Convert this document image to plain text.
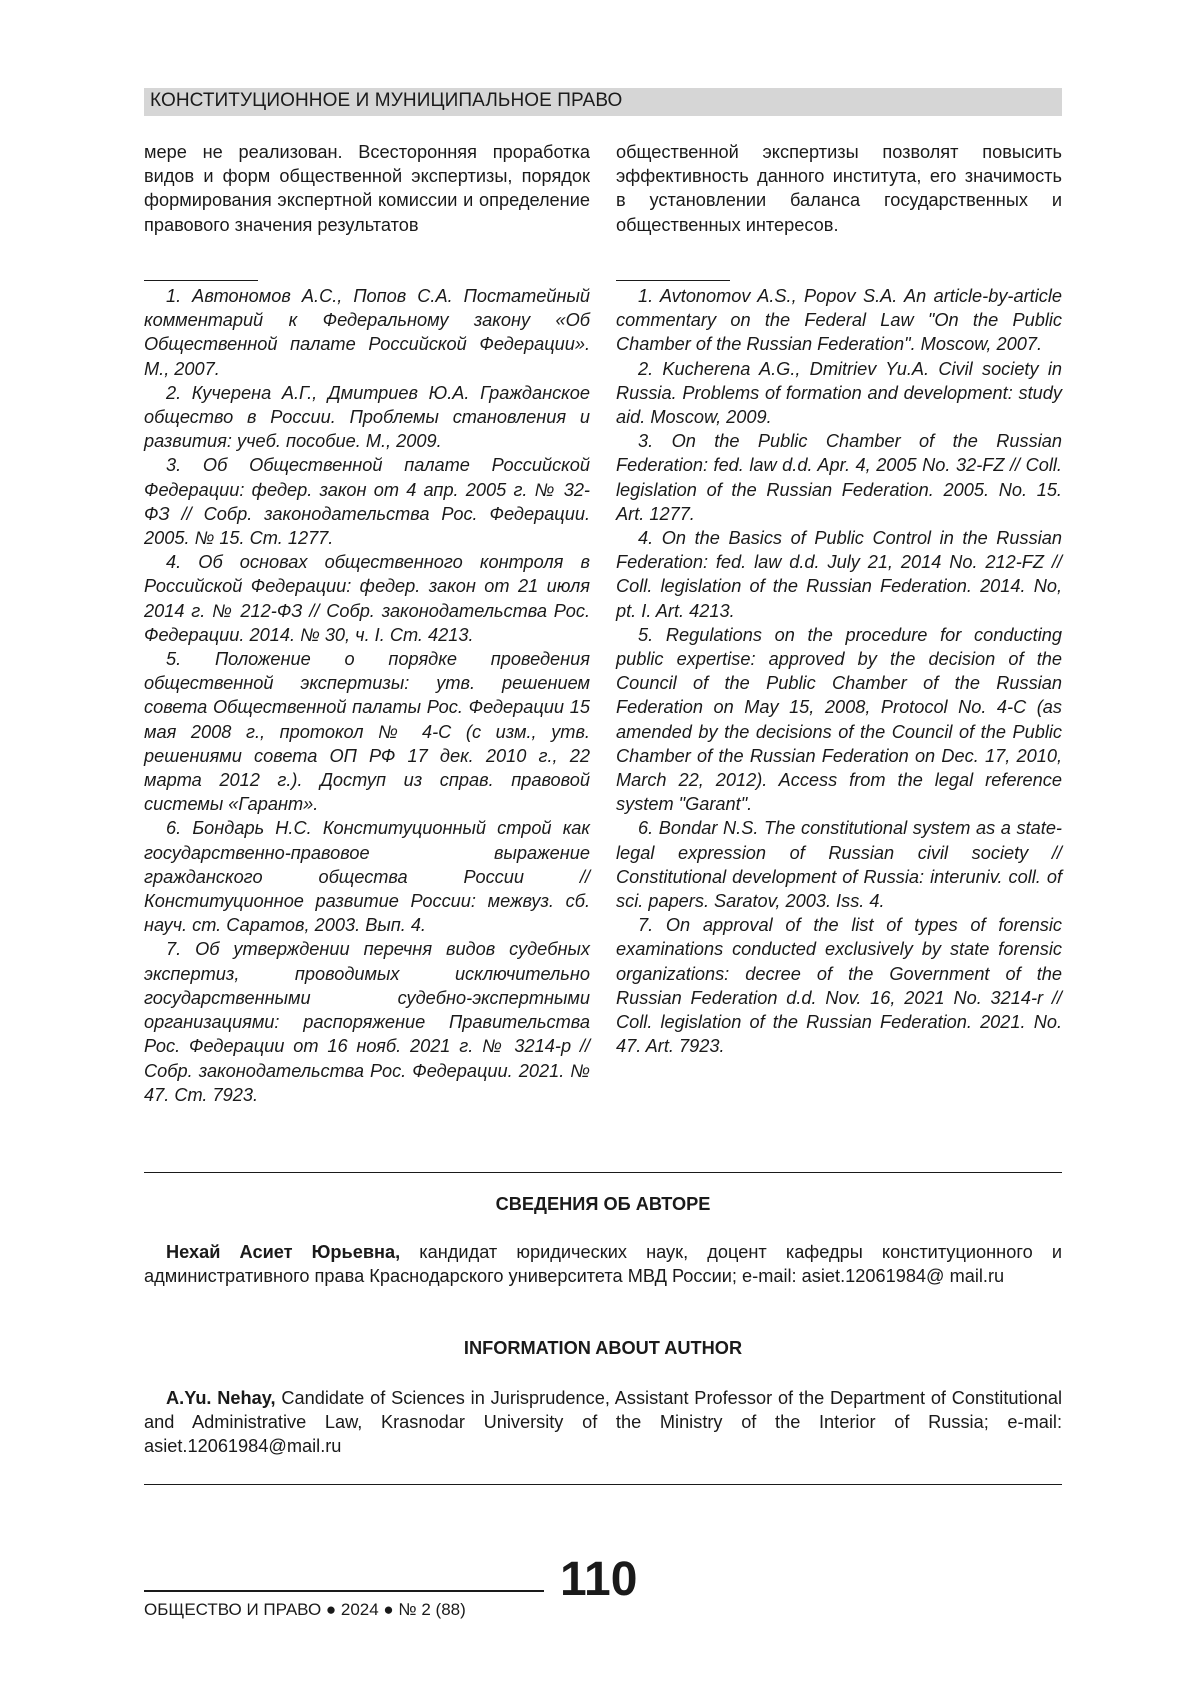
КОНСТИТУЦИОННОЕ И МУНИЦИПАЛЬНОЕ ПРАВО

мере не реализован. Всесторонняя проработка видов и форм общественной экспертизы, порядок формирования экспертной комиссии и определение правового значения результатов

общественной экспертизы позволят повысить эффективность данного института, его значимость в установлении баланса государственных и общественных интересов.

1. Автономов А.С., Попов С.А. Постатейный комментарий к Федеральному закону «Об Общественной палате Российской Федерации». М., 2007.

2. Кучерена А.Г., Дмитриев Ю.А. Гражданское общество в России. Проблемы становления и развития: учеб. пособие. М., 2009.

3. Об Общественной палате Российской Федерации: федер. закон от 4 апр. 2005 г. № 32-ФЗ // Собр. законодательства Рос. Федерации. 2005. № 15. Ст. 1277.

4. Об основах общественного контроля в Российской Федерации: федер. закон от 21 июля 2014 г. № 212-ФЗ // Собр. законодательства Рос. Федерации. 2014. № 30, ч. I. Ст. 4213.

5. Положение о порядке проведения общественной экспертизы: утв. решением совета Общественной палаты Рос. Федерации 15 мая 2008 г., протокол № 4-С (с изм., утв. решениями совета ОП РФ 17 дек. 2010 г., 22 марта 2012 г.). Доступ из справ. правовой системы «Гарант».

6. Бондарь Н.С. Конституционный строй как государственно-правовое выражение гражданского общества России // Конституционное развитие России: межвуз. сб. науч. ст. Саратов, 2003. Вып. 4.

7. Об утверждении перечня видов судебных экспертиз, проводимых исключительно государственными судебно-экспертными организациями: распоряжение Правительства Рос. Федерации от 16 нояб. 2021 г. № 3214-р // Собр. законодательства Рос. Федерации. 2021. № 47. Ст. 7923.

1. Avtonomov A.S., Popov S.A. An article-by-article commentary on the Federal Law "On the Public Chamber of the Russian Federation". Moscow, 2007.

2. Kucherena A.G., Dmitriev Yu.A. Civil society in Russia. Problems of formation and development: study aid. Moscow, 2009.

3. On the Public Chamber of the Russian Federation: fed. law d.d. Apr. 4, 2005 No. 32-FZ // Coll. legislation of the Russian Federation. 2005. No. 15. Art. 1277.

4. On the Basics of Public Control in the Russian Federation: fed. law d.d. July 21, 2014 No. 212-FZ // Coll. legislation of the Russian Federation. 2014. No, pt. I. Art. 4213.

5. Regulations on the procedure for conducting public expertise: approved by the decision of the Council of the Public Chamber of the Russian Federation on May 15, 2008, Protocol No. 4-C (as amended by the decisions of the Council of the Public Chamber of the Russian Federation on Dec. 17, 2010, March 22, 2012). Access from the legal reference system "Garant".

6. Bondar N.S. The constitutional system as a state-legal expression of Russian civil society // Constitutional development of Russia: interuniv. coll. of sci. papers. Saratov, 2003. Iss. 4.

7. On approval of the list of types of forensic examinations conducted exclusively by state forensic organizations: decree of the Government of the Russian Federation d.d. Nov. 16, 2021 No. 3214-r // Coll. legislation of the Russian Federation. 2021. No. 47. Art. 7923.

СВЕДЕНИЯ ОБ АВТОРЕ

Нехай Асиет Юрьевна, кандидат юридических наук, доцент кафедры конституционного и административного права Краснодарского университета МВД России; e-mail: asiet.12061984@ mail.ru

INFORMATION ABOUT AUTHOR

A.Yu. Nehay, Candidate of Sciences in Jurisprudence, Assistant Professor of the Department of Constitutional and Administrative Law, Krasnodar University of the Ministry of the Interior of Russia; e-mail: asiet.12061984@mail.ru

110
ОБЩЕСТВО И ПРАВО ● 2024 ● № 2 (88)
